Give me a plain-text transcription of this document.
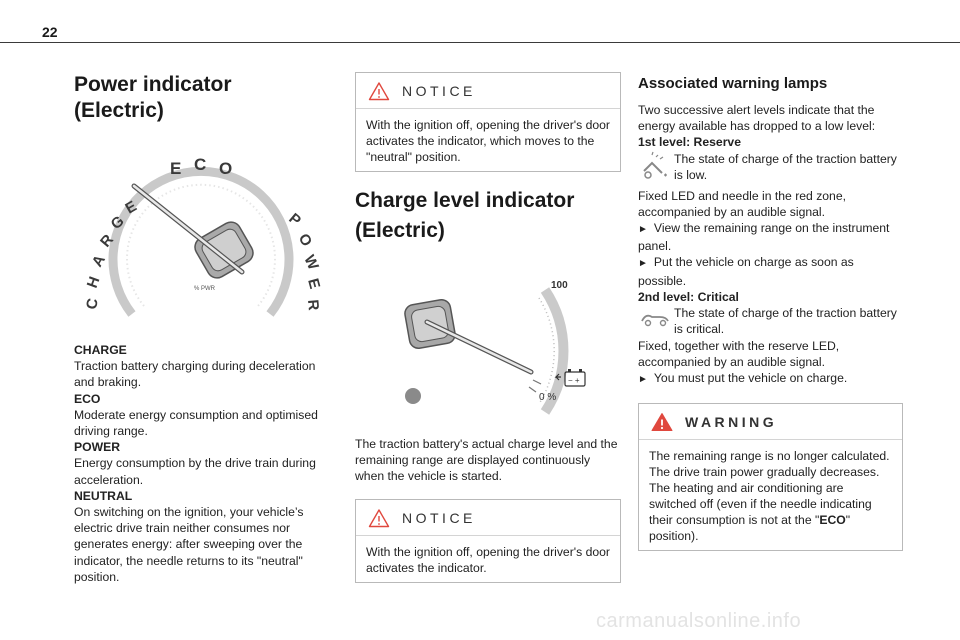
22
Power indicator (Electric)
E C O
C
H
A
R
G
E
P
O
W
E
R
% PWR

CHARGE

Traction battery charging during deceleration and braking.

ECO

Moderate energy consumption and optimised driving range.

POWER

Energy consumption by the drive train during acceleration.

NEUTRAL

On switching on the ignition, your vehicle’s electric drive train neither consumes nor generates energy: after sweeping over the indicator, the needle returns to its "neutral" position.

NOTICE

With the ignition off, opening the driver's door activates the indicator, which moves to the "neutral" position.

Charge level indicator
(Electric)
100
0 %
− +

The traction battery's actual charge level and the remaining range are displayed continuously when the vehicle is started.

NOTICE

With the ignition off, opening the driver's door activates the indicator.

Associated warning lamps

Two successive alert levels indicate that the energy available has dropped to a low level:

1st level: Reserve

The state of charge of the traction battery is low.

Fixed LED and needle in the red zone, accompanied by an audible signal.

► View the remaining range on the instrument panel.

► Put the vehicle on charge as soon as possible.

2nd level: Critical

The state of charge of the traction battery is critical.

Fixed, together with the reserve LED, accompanied by an audible signal.

► You must put the vehicle on charge.

WARNING

The remaining range is no longer calculated. The drive train power gradually decreases. The heating and air conditioning are switched off (even if the needle indicating their consumption is not at the "ECO" position).

carmanualsonline.info
